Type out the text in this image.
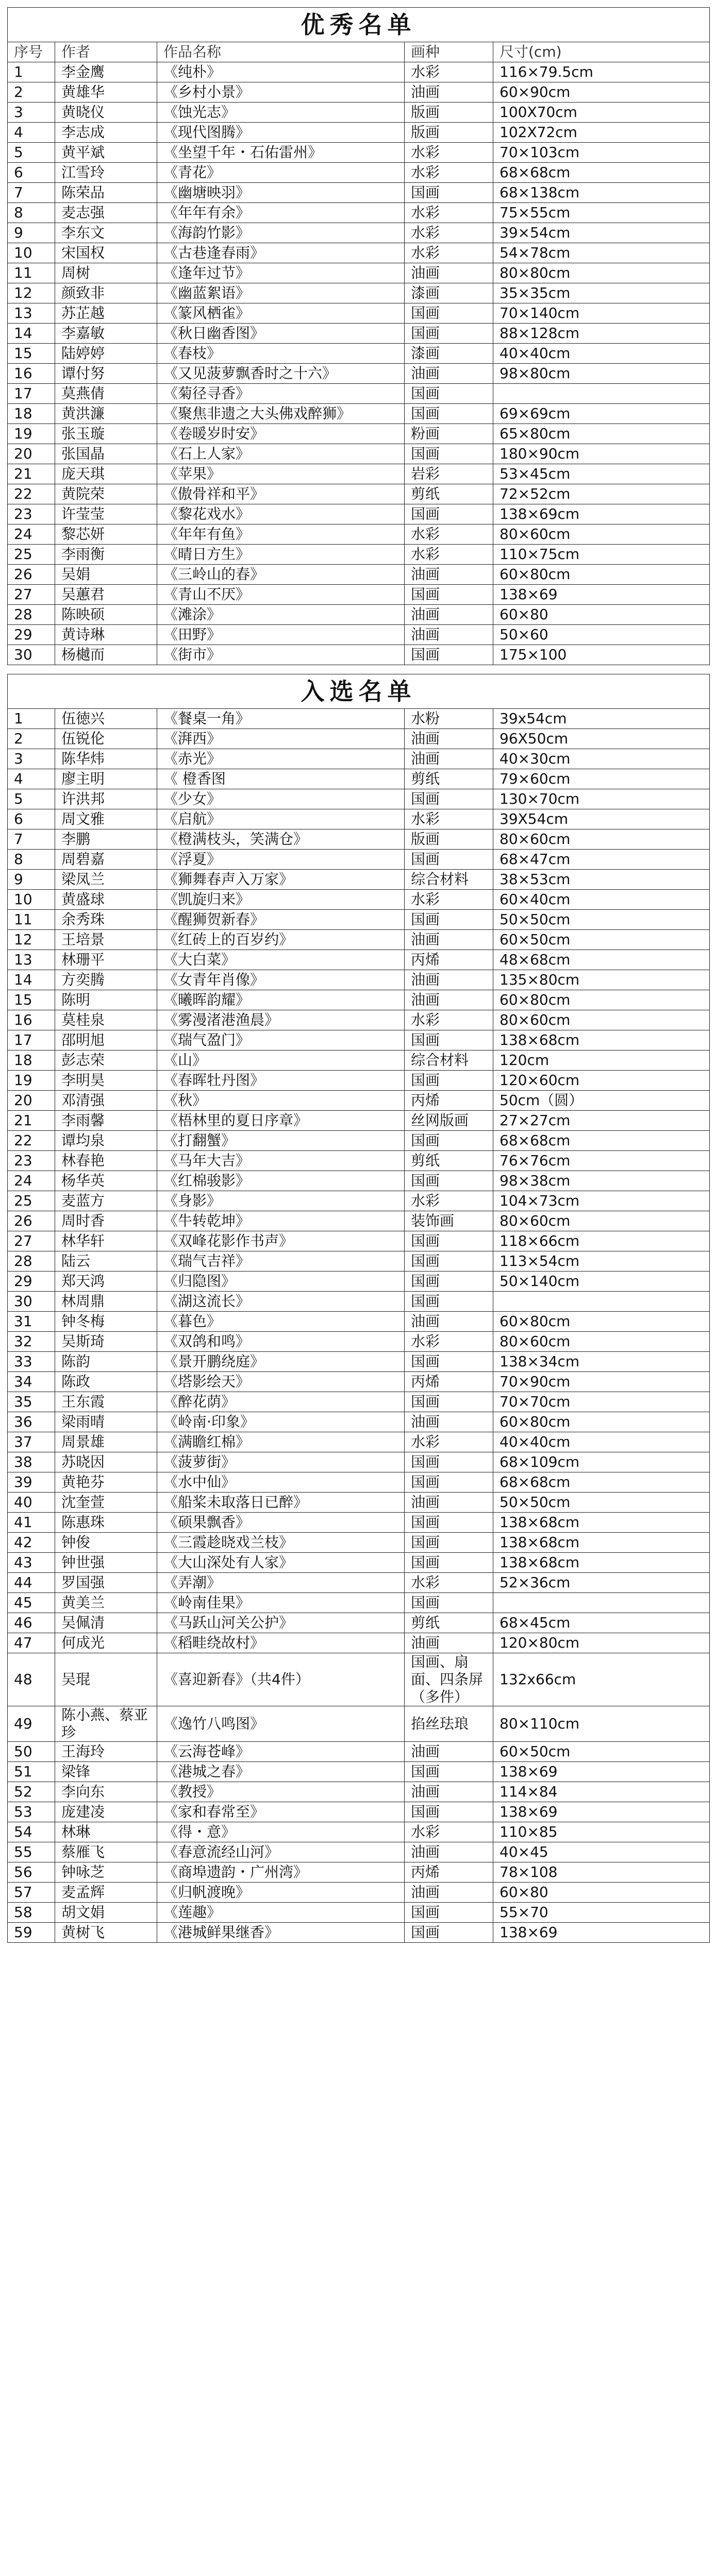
优秀名单				
序号	作者	作品名称	画种	尺寸(cm)
1	李金鹰	《纯朴》	水彩	116×79.5cm
2	黄雄华	《乡村小景》	油画	60×90cm
3	黄晓仪	《蚀光志》	版画	100X70cm
4	李志成	《现代图腾》	版画	102X72cm
5	黄平斌	《坐望千年・石佑雷州》	水彩	70×103cm
6	江雪玲	《青花》	水彩	68×68cm
7	陈荣品	《幽塘映羽》	国画	68×138cm
8	麦志强	《年年有余》	水彩	75×55cm
9	李东文	《海韵竹影》	水彩	39×54cm
10	宋国权	《古巷逢春雨》	水彩	54×78cm
11	周树	《逢年过节》	油画	80×80cm
12	颜致非	《幽蓝絮语》	漆画	35×35cm
13	苏芷越	《篆风栖雀》	国画	70×140cm
14	李嘉敏	《秋日幽香图》	国画	88×128cm
15	陆婷婷	《春枝》	漆画	40×40cm
16	谭付努	《又见菠萝飘香时之十六》	油画	98×80cm
17	莫燕倩	《菊径寻香》	国画	
18	黄洪濂	《聚焦非遗之大头佛戏醉狮》	国画	69×69cm
19	张玉璇	《卷暖岁时安》	粉画	65×80cm
20	张国晶	《石上人家》	国画	180×90cm
21	庞天琪	《苹果》	岩彩	53×45cm
22	黄院荣	《傲骨祥和平》	剪纸	72×52cm
23	许莹莹	《黎花戏水》	国画	138×69cm
24	黎芯妍	《年年有鱼》	水彩	80×60cm
25	李雨衡	《晴日方生》	水彩	110×75cm
26	吴娟	《三岭山的春》	油画	60×80cm
27	吴蕙君	《青山不厌》	国画	138×69
28	陈映硕	《滩涂》	油画	60×80
29	黄诗琳	《田野》	油画	50×60
30	杨樾而	《街市》	国画	175×100

入选名单				
1	伍徳兴	《餐桌一角》	水粉	39x54cm
2	伍锐伦	《湃西》	油画	96X50cm
3	陈华炜	《赤光》	油画	40×30cm
4	廖主明	《 橙香图	剪纸	79×60cm
5	许洪邦	《少女》	国画	130×70cm
6	周文雅	《启航》	水彩	39X54cm
7	李鹏	《橙满枝头，笑满仓》	版画	80×60cm
8	周碧嘉	《浮夏》	国画	68×47cm
9	梁凤兰	《狮舞春声入万家》	综合材料	38×53cm
10	黄盛球	《凯旋归来》	水彩	60×40cm
11	余秀珠	《醒狮贺新春》	国画	50×50cm
12	王培景	《红砖上的百岁约》	油画	60×50cm
13	林珊平	《大白菜》	丙烯	48×68cm
14	方奕腾	《女青年肖像》	油画	135×80cm
15	陈明	《曦晖韵耀》	油画	60×80cm
16	莫桂泉	《雾漫渚港渔晨》	水彩	80×60cm
17	邵明旭	《瑞气盈门》	国画	138×68cm
18	彭志荣	《山》	综合材料	120cm
19	李明昊	《春晖牡丹图》	国画	120×60cm
20	邓清强	《秋》	丙烯	50cm（圆）
21	李雨馨	《梧林里的夏日序章》	丝网版画	27×27cm
22	谭均泉	《打翻蟹》	国画	68×68cm
23	林春艳	《马年大吉》	剪纸	76×76cm
24	杨华英	《红棉骏影》	国画	98×38cm
25	麦蓝方	《身影》	水彩	104×73cm
26	周时香	《牛转乾坤》	装饰画	80×60cm
27	林华轩	《双峰花影作书声》	国画	118×66cm
28	陆云	《瑞气吉祥》	国画	113×54cm
29	郑天鸿	《归隐图》	国画	50×140cm
30	林周鼎	《湖这流长》	国画	
31	钟冬梅	《暮色》	油画	60×80cm
32	吴斯琦	《双鸽和鸣》	水彩	80×60cm
33	陈韵	《景开鹏绕庭》	国画	138×34cm
34	陈政	《塔影绘天》	丙烯	70×90cm
35	王东霞	《醉花荫》	国画	70×70cm
36	梁雨晴	《岭南·印象》	油画	60×80cm
37	周景雄	《满瞻红棉》	水彩	40×40cm
38	苏晓因	《菠萝街》	国画	68×109cm
39	黄艳芬	《水中仙》	国画	68×68cm
40	沈奎萱	《船桨未取落日已醉》	油画	50×50cm
41	陈惠珠	《硕果飘香》	国画	138×68cm
42	钟俊	《三霞趁晓戏兰枝》	国画	138×68cm
43	钟世强	《大山深处有人家》	国画	138×68cm
44	罗国强	《弄潮》	水彩	52×36cm
45	黄美兰	《岭南佳果》	国画	
46	吴佩清	《马跃山河关公护》	剪纸	68×45cm
47	何成光	《稻畦绕故村》	油画	120×80cm
48	吴琨	《喜迎新春》（共4件）	国画、扇面、四条屏（多件）	132x66cm
49	陈小燕、蔡亚珍	《逸竹八鸣图》	掐丝珐琅	80×110cm
50	王海玲	《云海苍峰》	油画	60×50cm
51	梁锋	《港城之春》	国画	138×69
52	李向东	《教授》	油画	114×84
53	庞建凌	《家和春常至》	国画	138×69
54	林琳	《得・意》	水彩	110×85
55	蔡雁飞	《春意流经山河》	油画	40×45
56	钟咏芝	《商埠遗韵・广州湾》	丙烯	78×108
57	麦孟辉	《归帆渡晚》	油画	60×80
58	胡文娟	《莲趣》	国画	55×70
59	黄树飞	《港城鲜果继香》	国画	138×69
